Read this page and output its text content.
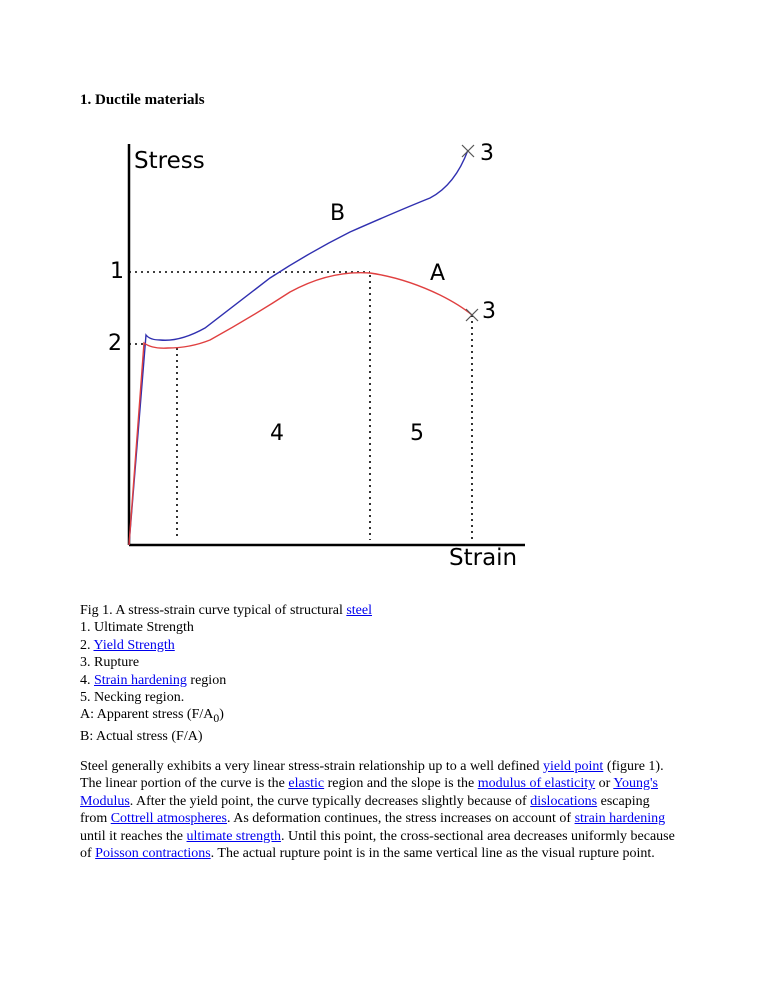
1. Ductile materials
Stress
Strain
1
2
3
3
4	5
B
A
Fig 1. A stress-strain curve typical of structural steel
1. Ultimate Strength
2. Yield Strength
3. Rupture
4. Strain hardening region
5. Necking region.
A: Apparent stress $(F/A_0)$
B: Actual stress (F/A)
Steel generally exhibits a very linear stress-strain relationship up to a well defined yield point (figure 1). The linear portion of the curve is the elastic region and the slope is the modulus of elasticity or Young's Modulus. After the yield point, the curve typically decreases slightly because of dislocations escaping from Cottrell atmospheres. As deformation continues, the stress increases on account of strain hardening until it reaches the ultimate strength. Until this point, the cross-sectional area decreases uniformly because of Poisson contractions. The actual rupture point is in the same vertical line as the visual rupture point.
